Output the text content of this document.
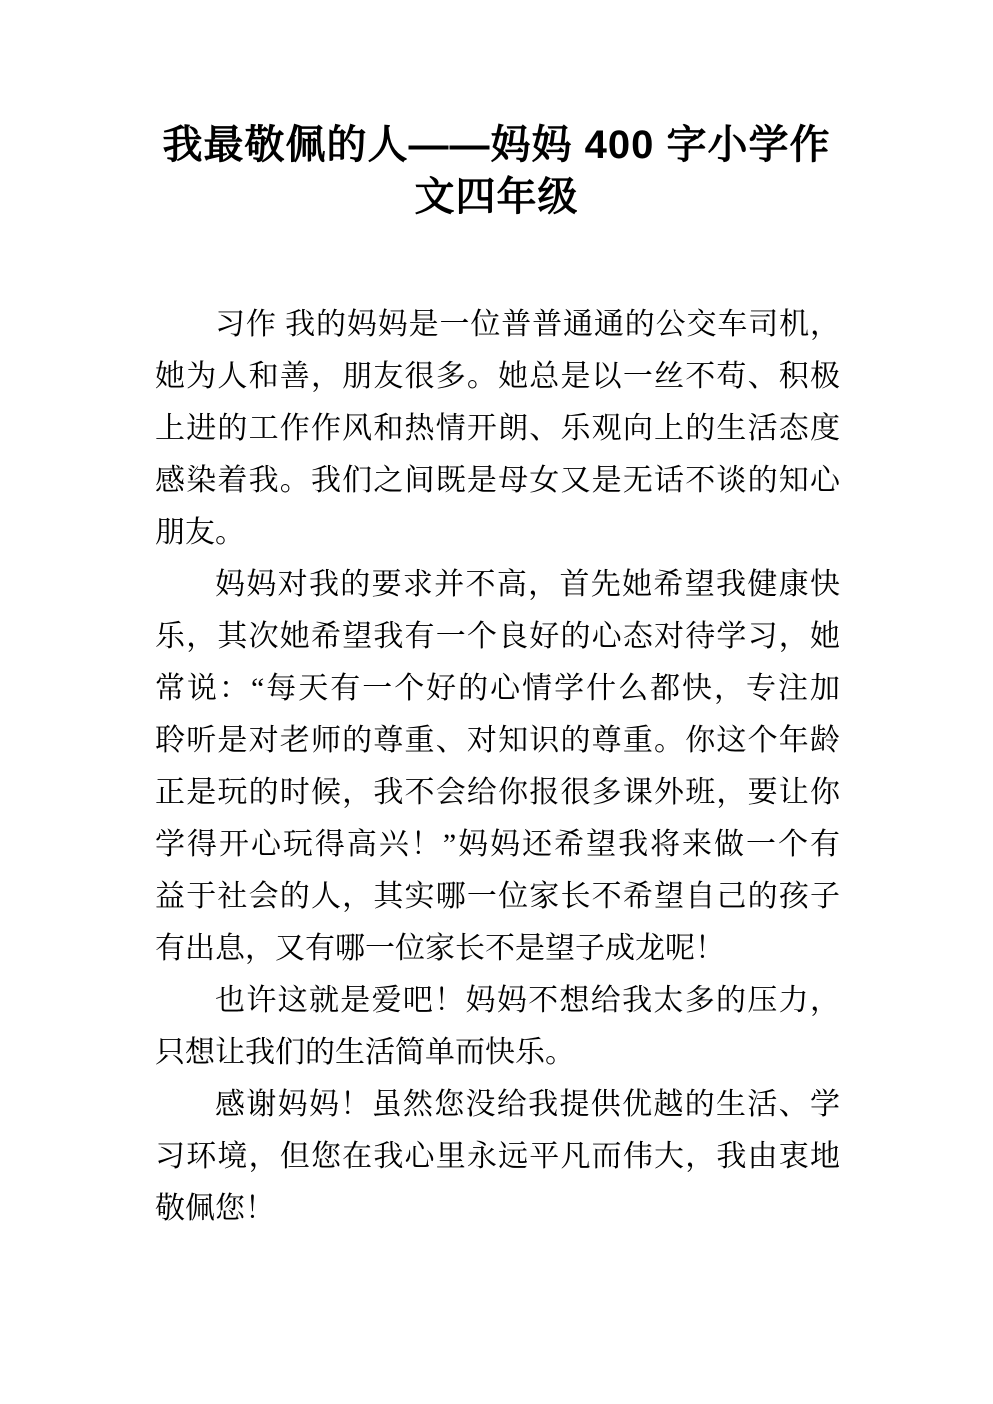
我最敬佩的人——妈妈 400 字小学作
文四年级

习作 我的妈妈是一位普普通通的公交车司机，
她为人和善，朋友很多。她总是以一丝不苟、积极
上进的工作作风和热情开朗、乐观向上的生活态度
感染着我。我们之间既是母女又是无话不谈的知心
朋友。

妈妈对我的要求并不高，首先她希望我健康快
乐，其次她希望我有一个良好的心态对待学习，她
常说：“每天有一个好的心情学什么都快，专注加
聆听是对老师的尊重、对知识的尊重。你这个年龄
正是玩的时候，我不会给你报很多课外班，要让你
学得开心玩得高兴！”妈妈还希望我将来做一个有
益于社会的人，其实哪一位家长不希望自己的孩子
有出息，又有哪一位家长不是望子成龙呢！

也许这就是爱吧！妈妈不想给我太多的压力，
只想让我们的生活简单而快乐。

感谢妈妈！虽然您没给我提供优越的生活、学
习环境，但您在我心里永远平凡而伟大，我由衷地
敬佩您！
